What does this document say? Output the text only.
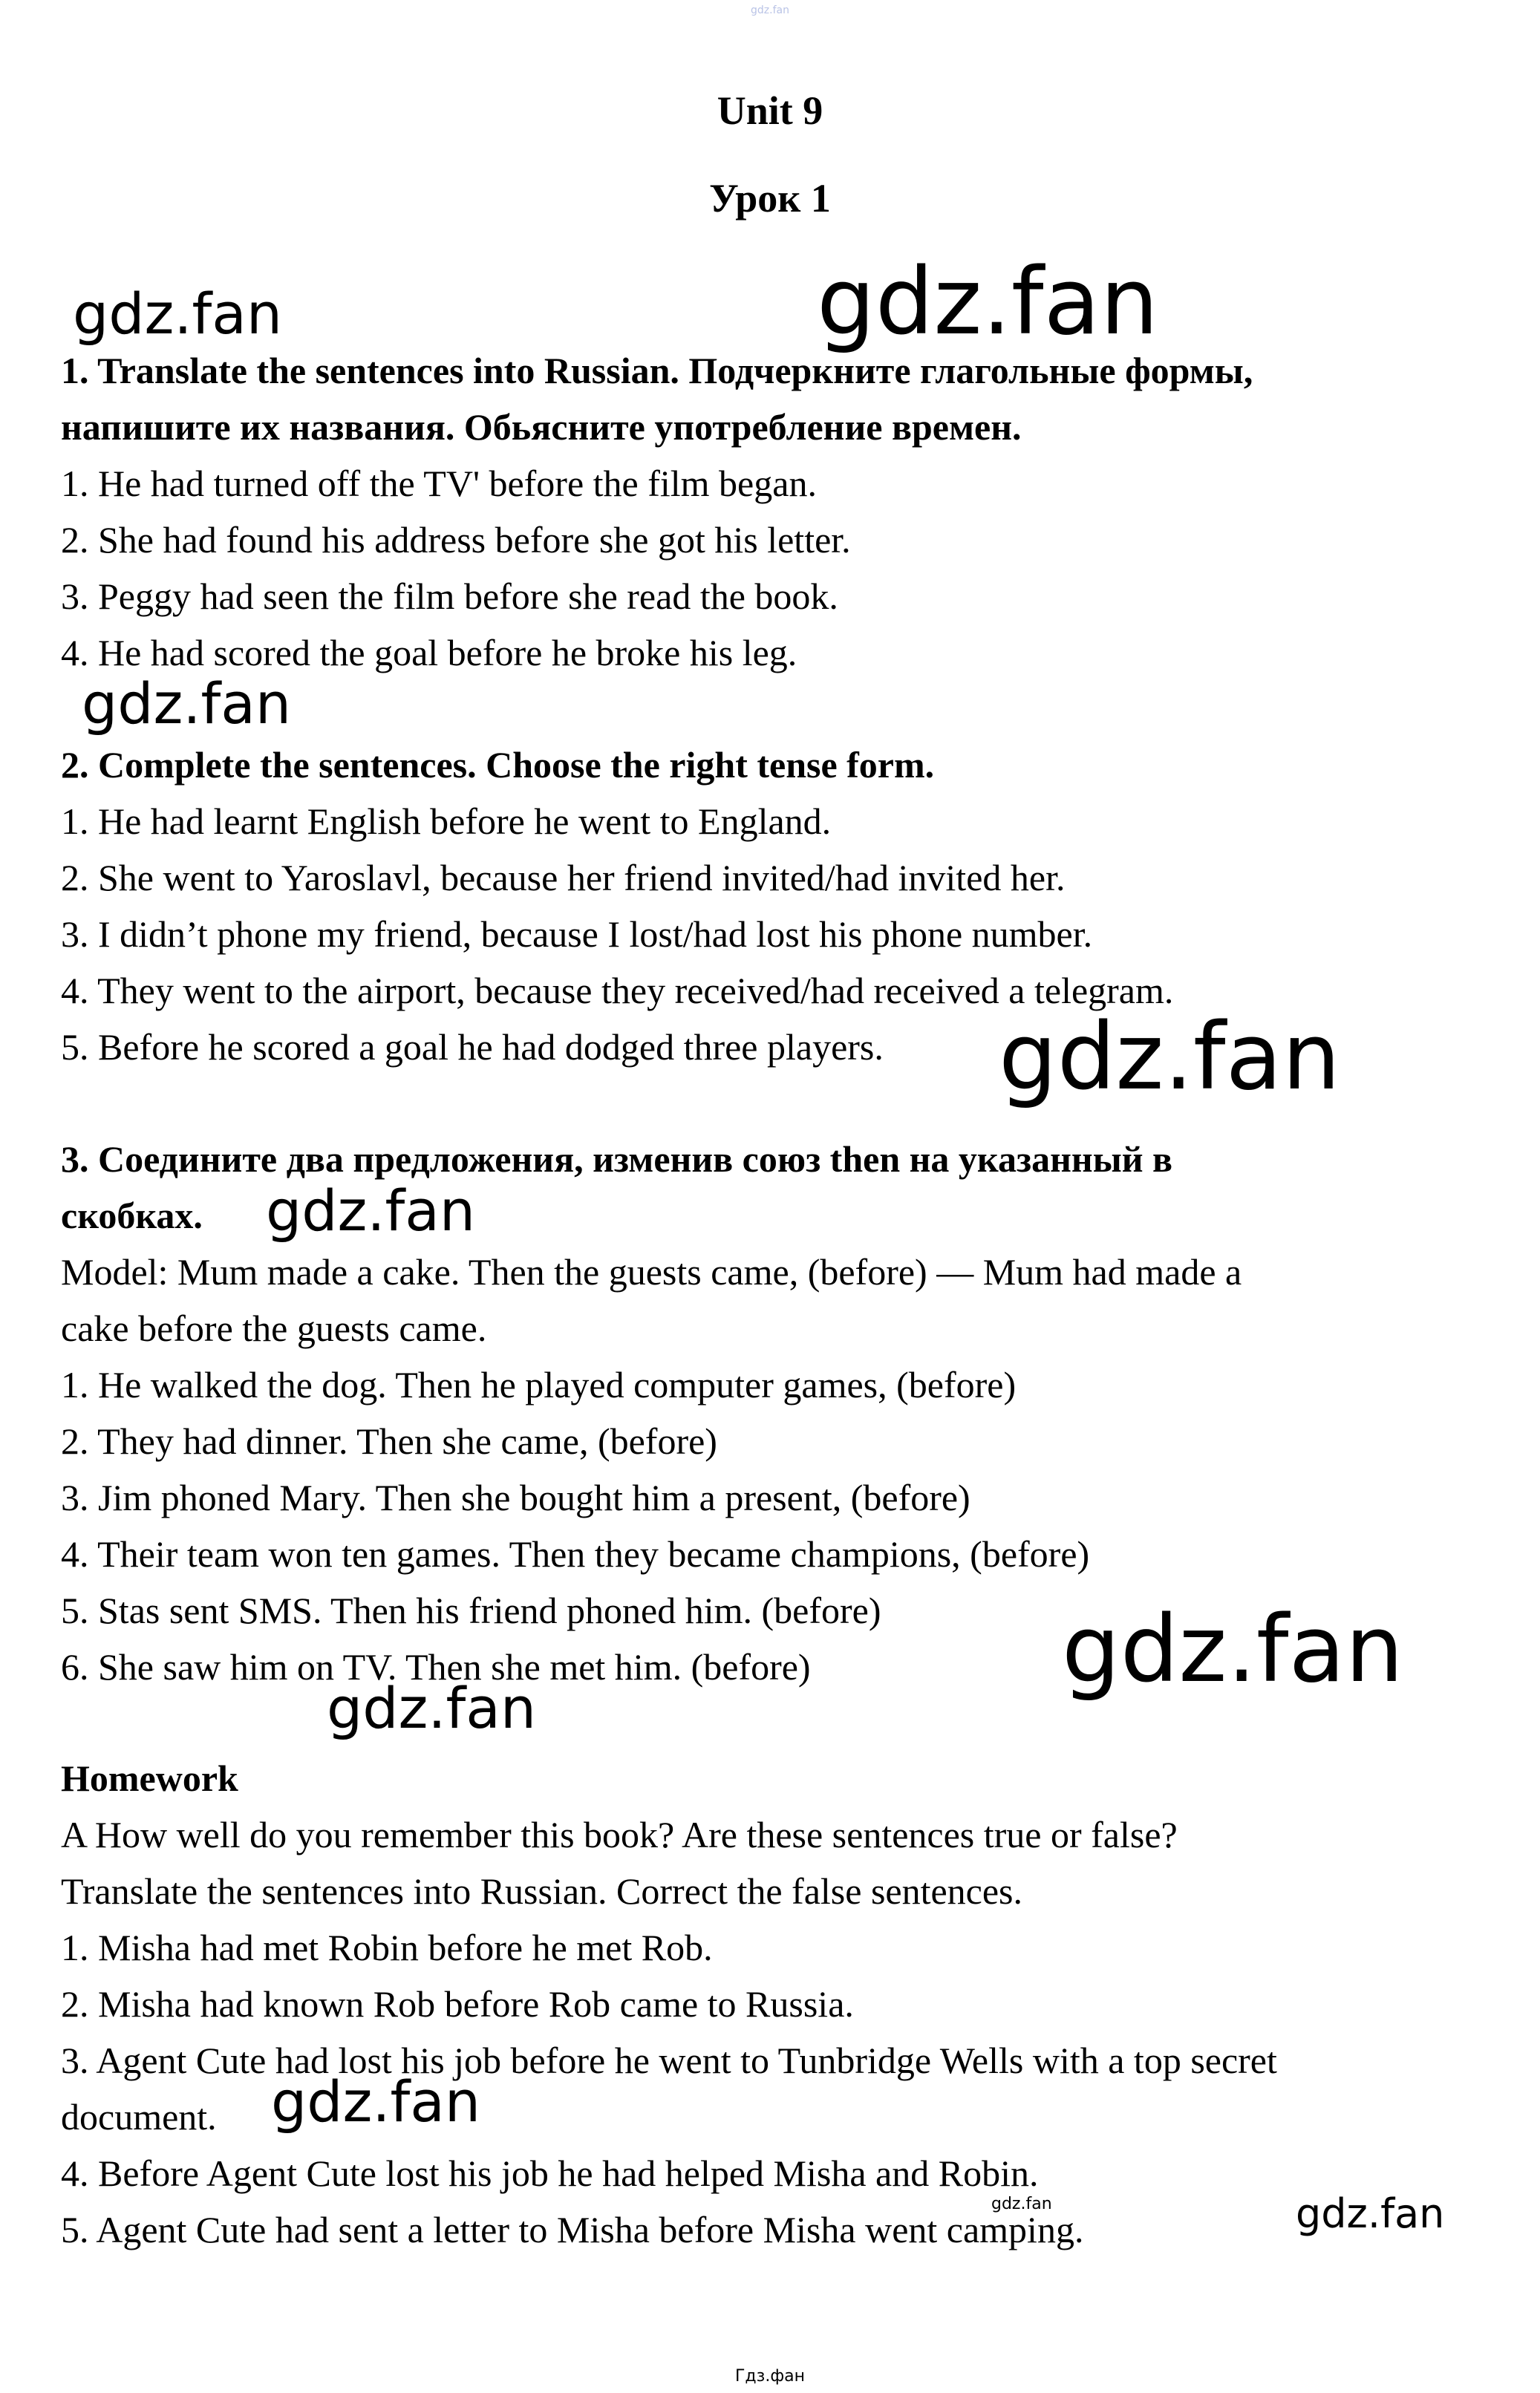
gdz.fan
Unit 9
Урок 1
1. Translate the sentences into Russian. Подчеркните глагольные формы,
напишите их названия. Обьясните употребление времен.
1. He had turned off the TV' before the film began.
2. She had found his address before she got his letter.
3. Peggy had seen the film before she read the book.
4. He had scored the goal before he broke his leg.
2. Complete the sentences. Choose the right tense form.
1. He had learnt English before he went to England.
2. She went to Yaroslavl, because her friend invited/had invited her.
3. I didn’t phone my friend, because I lost/had lost his phone number.
4. They went to the airport, because they received/had received a telegram.
5. Before he scored a goal he had dodged three players.
3. Соедините два предложения, изменив союз then на указанный в
скобках.
Model: Mum made a cake. Then the guests came, (before) — Mum had made a
cake before the guests came.
1. He walked the dog. Then he played computer games, (before)
2. They had dinner. Then she came, (before)
3. Jim phoned Mary. Then she bought him a present, (before)
4. Their team won ten games. Then they became champions, (before)
5. Stas sent SMS. Then his friend phoned him. (before)
6. She saw him on TV. Then she met him. (before)
Homework
A How well do you remember this book? Are these sentences true or false?
Translate the sentences into Russian. Correct the false sentences.
1. Misha had met Robin before he met Rob.
2. Misha had known Rob before Rob came to Russia.
3. Agent Cute had lost his job before he went to Tunbridge Wells with a top secret
document.
4. Before Agent Cute lost his job he had helped Misha and Robin.
5. Agent Cute had sent a letter to Misha before Misha went camping.
gdz.fan	gdz.fan
gdz.fan
gdz.fan
gdz.fan
gdz.fan
gdz.fan
gdz.fan
gdz.fan	gdz.fan
Гдз.фан
